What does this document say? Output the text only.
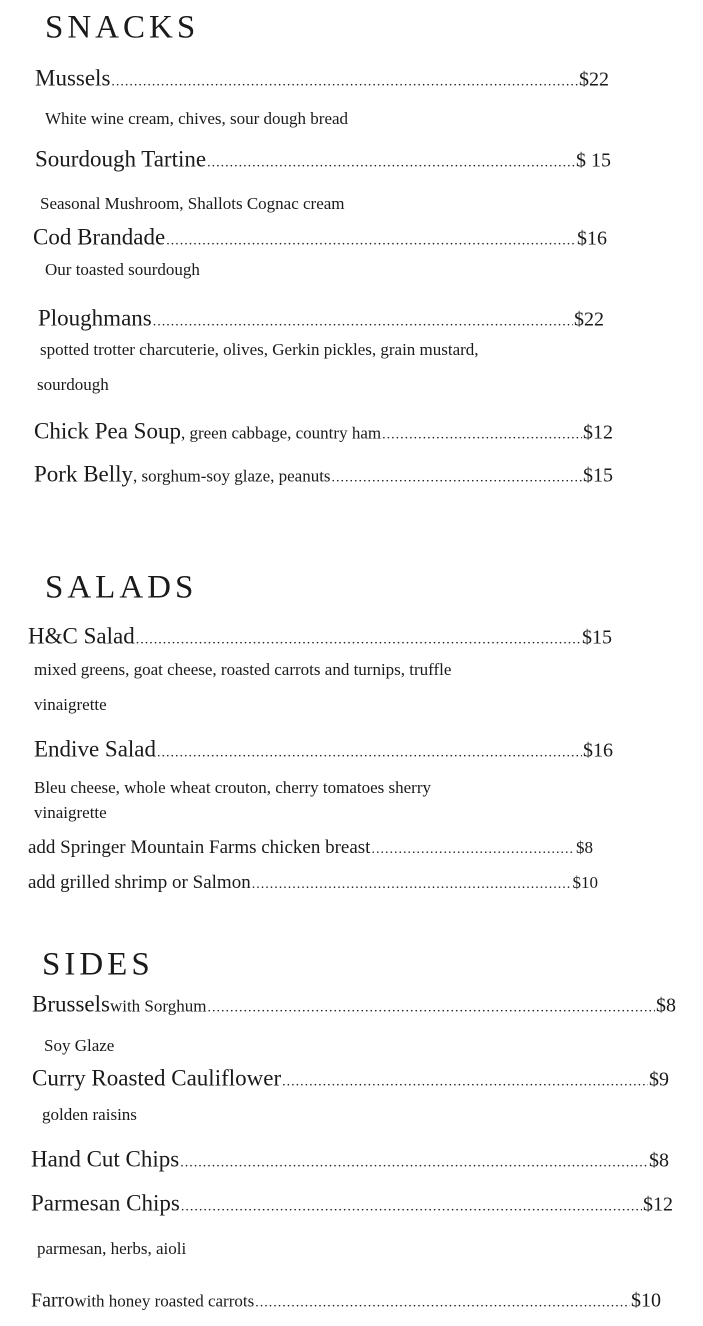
SNACKS
Mussels .....	$22
White wine cream, chives, sour dough bread
Sourdough Tartine .....	$ 15
Seasonal Mushroom, Shallots Cognac cream
Cod Brandade .....	$16
Our toasted sourdough
Ploughmans .....	$22
spotted trotter charcuterie, olives, Gerkin pickles, grain mustard,
sourdough
Chick Pea Soup , green cabbage, country ham .....	$12
Pork Belly , sorghum-soy glaze, peanuts .....	$15
SALADS
H&C Salad .....	$15
mixed greens, goat cheese, roasted carrots and turnips, truffle
vinaigrette
Endive Salad .....	$16
Bleu cheese, whole wheat crouton, cherry tomatoes sherry
vinaigrette
add Springer Mountain Farms chicken breast .....	$8
add grilled shrimp or Salmon .....	$10
SIDES
Brussels with Sorghum .....	$8
Soy Glaze
Curry Roasted Cauliflower .....	$9
golden raisins
Hand Cut Chips .....	$8
Parmesan Chips .....	$12
parmesan, herbs, aioli
Farro with honey roasted carrots .....	$10
